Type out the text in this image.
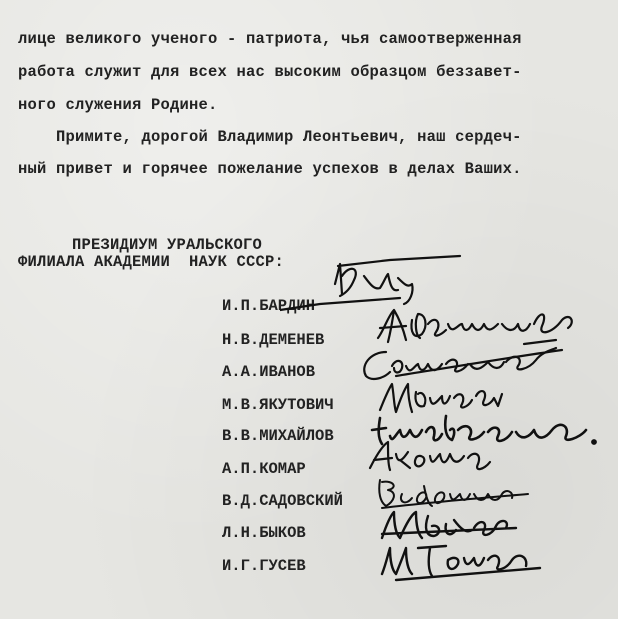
лице великого ученого - патриота, чья самоотверженная
работа служит для всех нас высоким образцом беззавет-
ного служения Родине.
Примите, дорогой Владимир Леонтьевич, наш сердеч-
ный привет и горячее пожелание успехов в делах Ваших.
ПРЕЗИДИУМ УРАЛЬСКОГО
ФИЛИАЛА АКАДЕМИИ  НАУК СССР:
И.П.БАРДИН
Н.В.ДЕМЕНЕВ
А.А.ИВАНОВ
М.В.ЯКУТОВИЧ
В.В.МИХАЙЛОВ
А.П.КОМАР
В.Д.САДОВСКИЙ
Л.Н.БЫКОВ
И.Г.ГУСЕВ
